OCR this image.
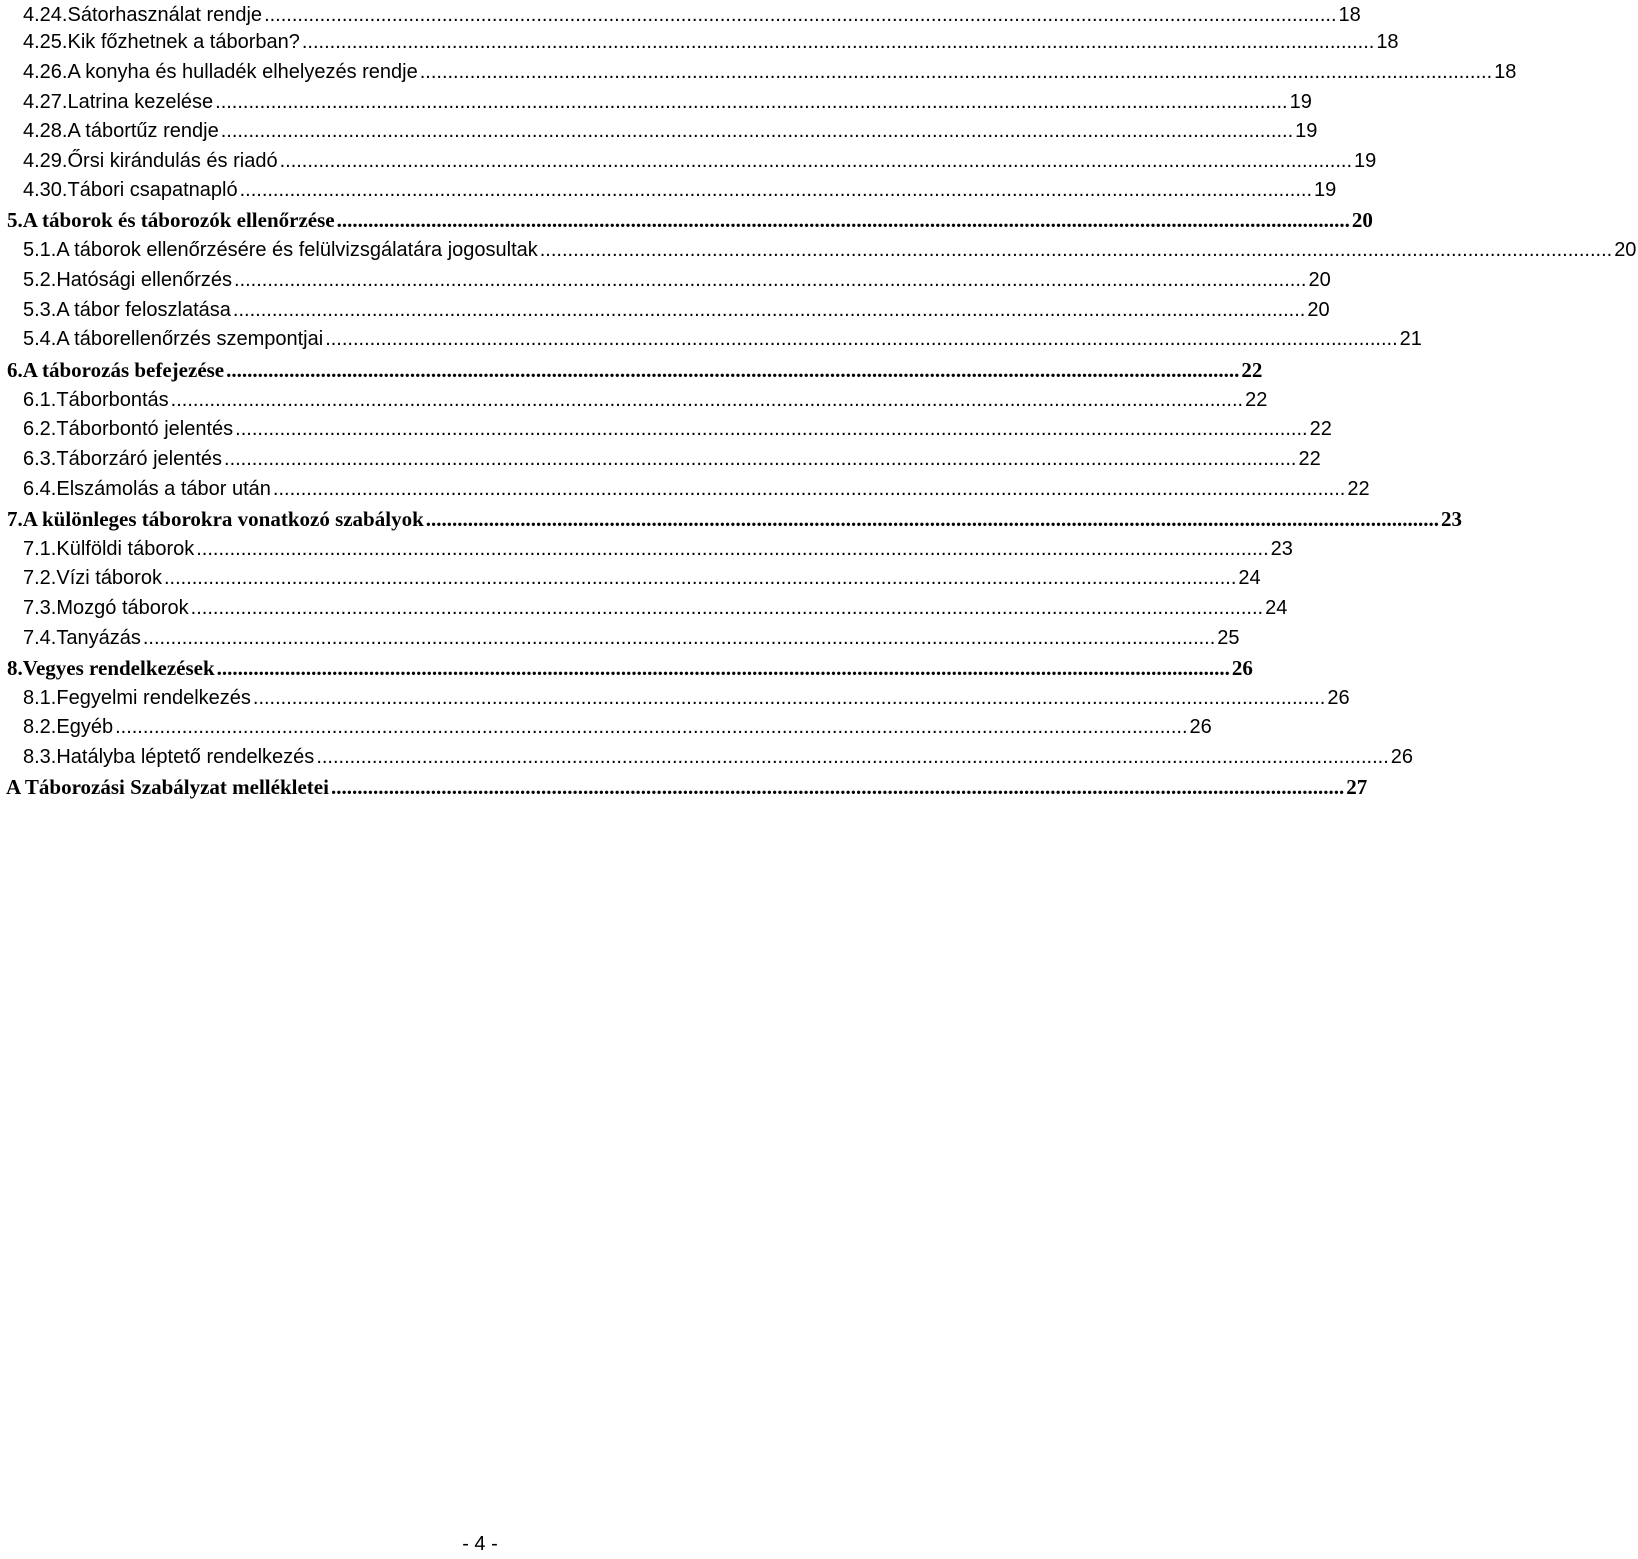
4.24. Sátorhasználat rendje ................................................................................................................................................................................................. 18
4.25. Kik főzhetnek a táborban? ................................................................................................................................................................................................. 18
4.26. A konyha és hulladék elhelyezés rendje ................................................................................................................................................................................................. 18
4.27. Latrina kezelése ................................................................................................................................................................................................. 19
4.28. A tábortűz rendje ................................................................................................................................................................................................. 19
4.29. Őrsi kirándulás és riadó ................................................................................................................................................................................................. 19
4.30. Tábori csapatnapló ................................................................................................................................................................................................. 19
5. A táborok és táborozók ellenőrzése ................................................................................................................................................................................................. 20
5.1. A táborok ellenőrzésére és felülvizsgálatára jogosultak ................................................................................................................................................................................................. 20
5.2. Hatósági ellenőrzés ................................................................................................................................................................................................. 20
5.3. A tábor feloszlatása ................................................................................................................................................................................................. 20
5.4. A táborellenőrzés szempontjai ................................................................................................................................................................................................. 21
6. A táborozás befejezése ................................................................................................................................................................................................. 22
6.1. Táborbontás ................................................................................................................................................................................................. 22
6.2. Táborbontó jelentés ................................................................................................................................................................................................. 22
6.3. Táborzáró jelentés ................................................................................................................................................................................................. 22
6.4. Elszámolás a tábor után ................................................................................................................................................................................................. 22
7. A különleges táborokra vonatkozó szabályok ................................................................................................................................................................................................. 23
7.1. Külföldi táborok ................................................................................................................................................................................................. 23
7.2. Vízi táborok ................................................................................................................................................................................................. 24
7.3. Mozgó táborok ................................................................................................................................................................................................. 24
7.4. Tanyázás ................................................................................................................................................................................................. 25
8. Vegyes rendelkezések ................................................................................................................................................................................................. 26
8.1. Fegyelmi rendelkezés ................................................................................................................................................................................................. 26
8.2. Egyéb ................................................................................................................................................................................................. 26
8.3. Hatályba léptető rendelkezés ................................................................................................................................................................................................. 26
A Táborozási Szabályzat mellékletei ................................................................................................................................................................................................. 27
- 4 -
